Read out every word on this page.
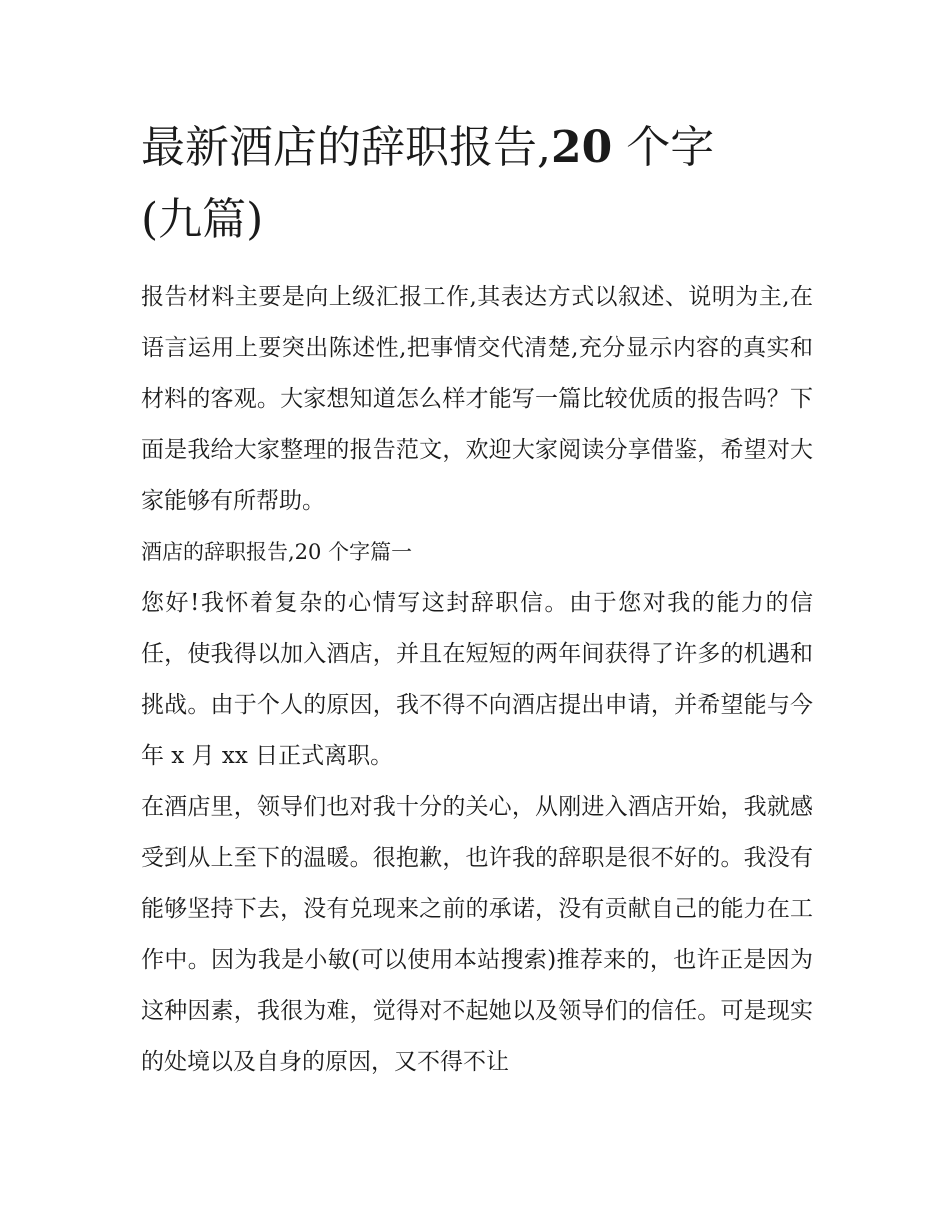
最新酒店的辞职报告,20 个字
(九篇)

报告材料主要是向上级汇报工作,其表达方式以叙述、说明为主,在语言运用上要突出陈述性,把事情交代清楚,充分显示内容的真实和材料的客观。大家想知道怎么样才能写一篇比较优质的报告吗？下面是我给大家整理的报告范文，欢迎大家阅读分享借鉴，希望对大家能够有所帮助。

酒店的辞职报告,20 个字篇一

您好!我怀着复杂的心情写这封辞职信。由于您对我的能力的信任，使我得以加入酒店，并且在短短的两年间获得了许多的机遇和挑战。由于个人的原因，我不得不向酒店提出申请，并希望能与今年 x 月 xx 日正式离职。

在酒店里，领导们也对我十分的关心，从刚进入酒店开始，我就感受到从上至下的温暖。很抱歉，也许我的辞职是很不好的。我没有能够坚持下去，没有兑现来之前的承诺，没有贡献自己的能力在工作中。因为我是小敏(可以使用本站搜索)推荐来的，也许正是因为这种因素，我很为难，觉得对不起她以及领导们的信任。可是现实的处境以及自身的原因，又不得不让
